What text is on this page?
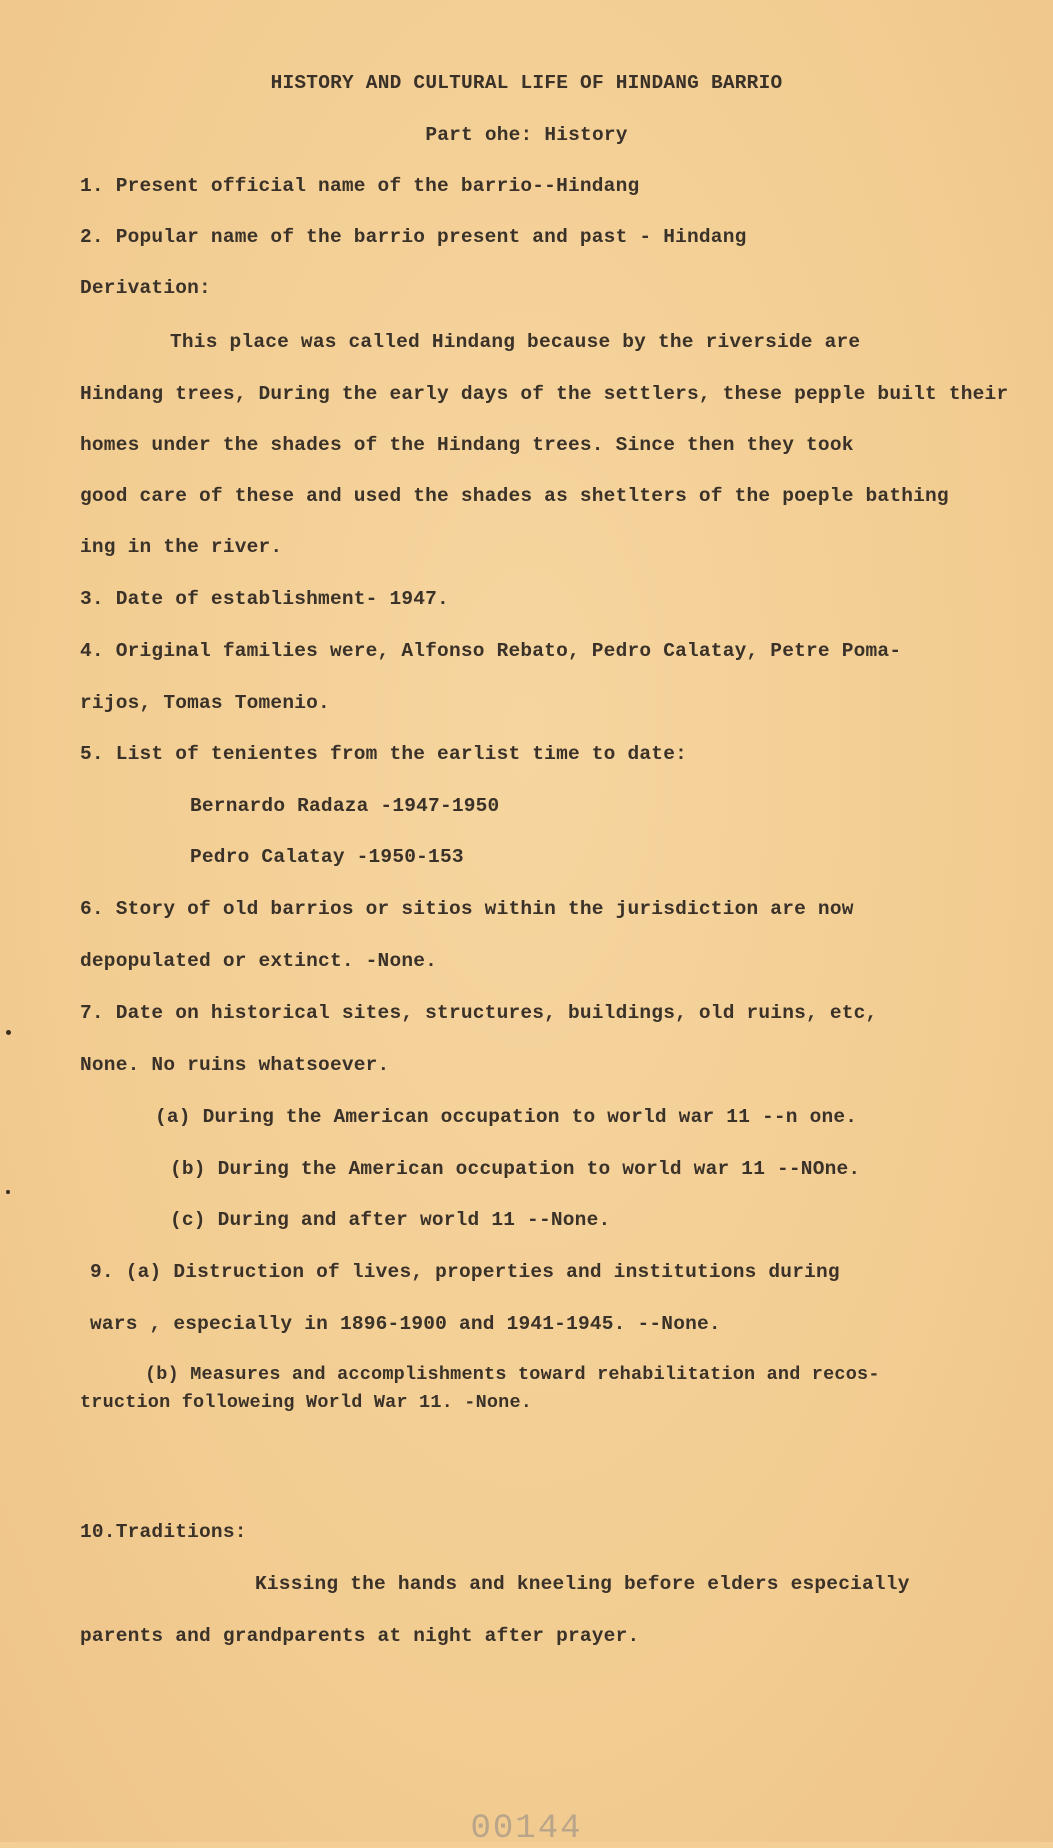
HISTORY AND CULTURAL LIFE OF HINDANG BARRIO
Part ohe: History
1. Present official name of the barrio--Hindang
2. Popular name of the barrio present and past - Hindang
Derivation:
This place was called Hindang because by the riverside are
Hindang trees, During the early days of the settlers, these pepple built their
homes under the shades of the Hindang trees. Since then they took
good care of these and used the shades as shetlters of the poeple bathing
ing in the river.
3. Date of establishment- 1947.
4. Original families were, Alfonso Rebato, Pedro Calatay, Petre Poma-
rijos, Tomas Tomenio.
5. List of tenientes from the earlist time to date:
Bernardo Radaza -1947-1950
Pedro Calatay -1950-153
6. Story of old barrios or sitios within the jurisdiction are now
depopulated or extinct. -None.
7. Date on historical sites, structures, buildings, old ruins, etc,
None. No ruins whatsoever.
(a) During the American occupation to world war 11 --n one.
(b) During the American occupation to world war 11 --NOne.
(c) During and after world 11 --None.
9. (a) Distruction of lives, properties and institutions during
wars , especially in 1896-1900 and 1941-1945. --None.
(b) Measures and accomplishments toward rehabilitation and recos-
truction followeing World War 11. -None.
10.Traditions:
Kissing the hands and kneeling before elders especially
parents and grandparents at night after prayer.
00144
